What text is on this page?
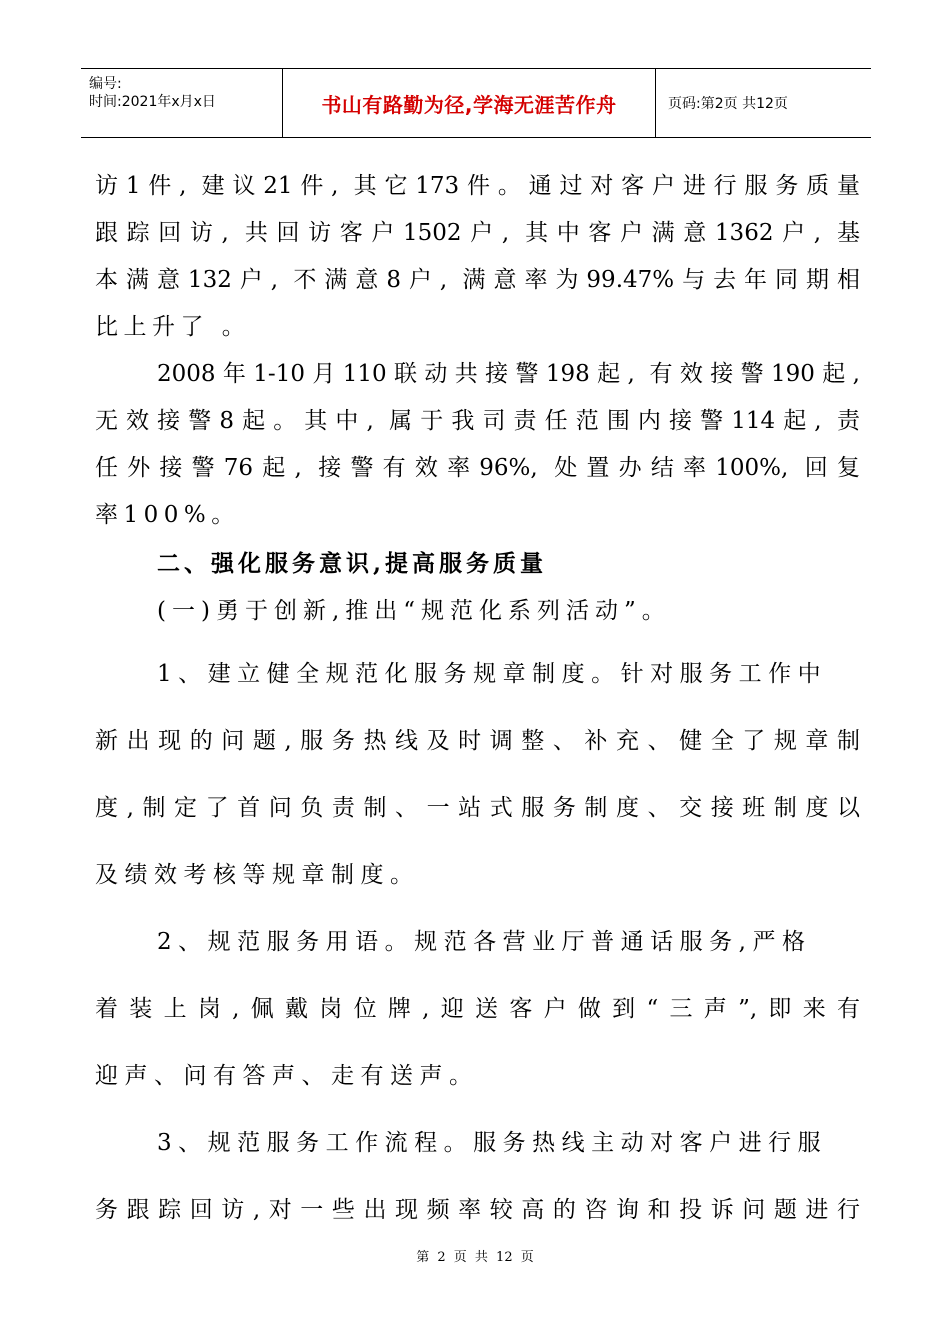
编号:
时间:2021年x月x日	书山有路勤为径,学海无涯苦作舟	页码:第2页 共12页
访1件, 建议21件, 其它173件。通过对客户进行服务质量
跟踪回访, 共回访客户1502户, 其中客户满意1362户, 基
本满意132户, 不满意8户, 满意率为99.47%与去年同期相
比上升了 。
2008年1-10月110联动共接警198起, 有效接警190起,
无效接警8起。其中, 属于我司责任范围内接警114起, 责
任外接警76起, 接警有效率96%, 处置办结率100%, 回复
率100%。
二、强化服务意识,提高服务质量
(一)勇于创新,推出“规范化系列活动”。
1、建立健全规范化服务规章制度。针对服务工作中
新出现的问题,服务热线及时调整、补充、健全了规章制
度,制定了首问负责制、一站式服务制度、交接班制度以
及绩效考核等规章制度。
2、规范服务用语。规范各营业厅普通话服务,严格
着装上岗,佩戴岗位牌,迎送客户做到“三声”,即来有
迎声、问有答声、走有送声。
3、规范服务工作流程。服务热线主动对客户进行服
务跟踪回访,对一些出现频率较高的咨询和投诉问题进行
第 2 页 共 12 页
